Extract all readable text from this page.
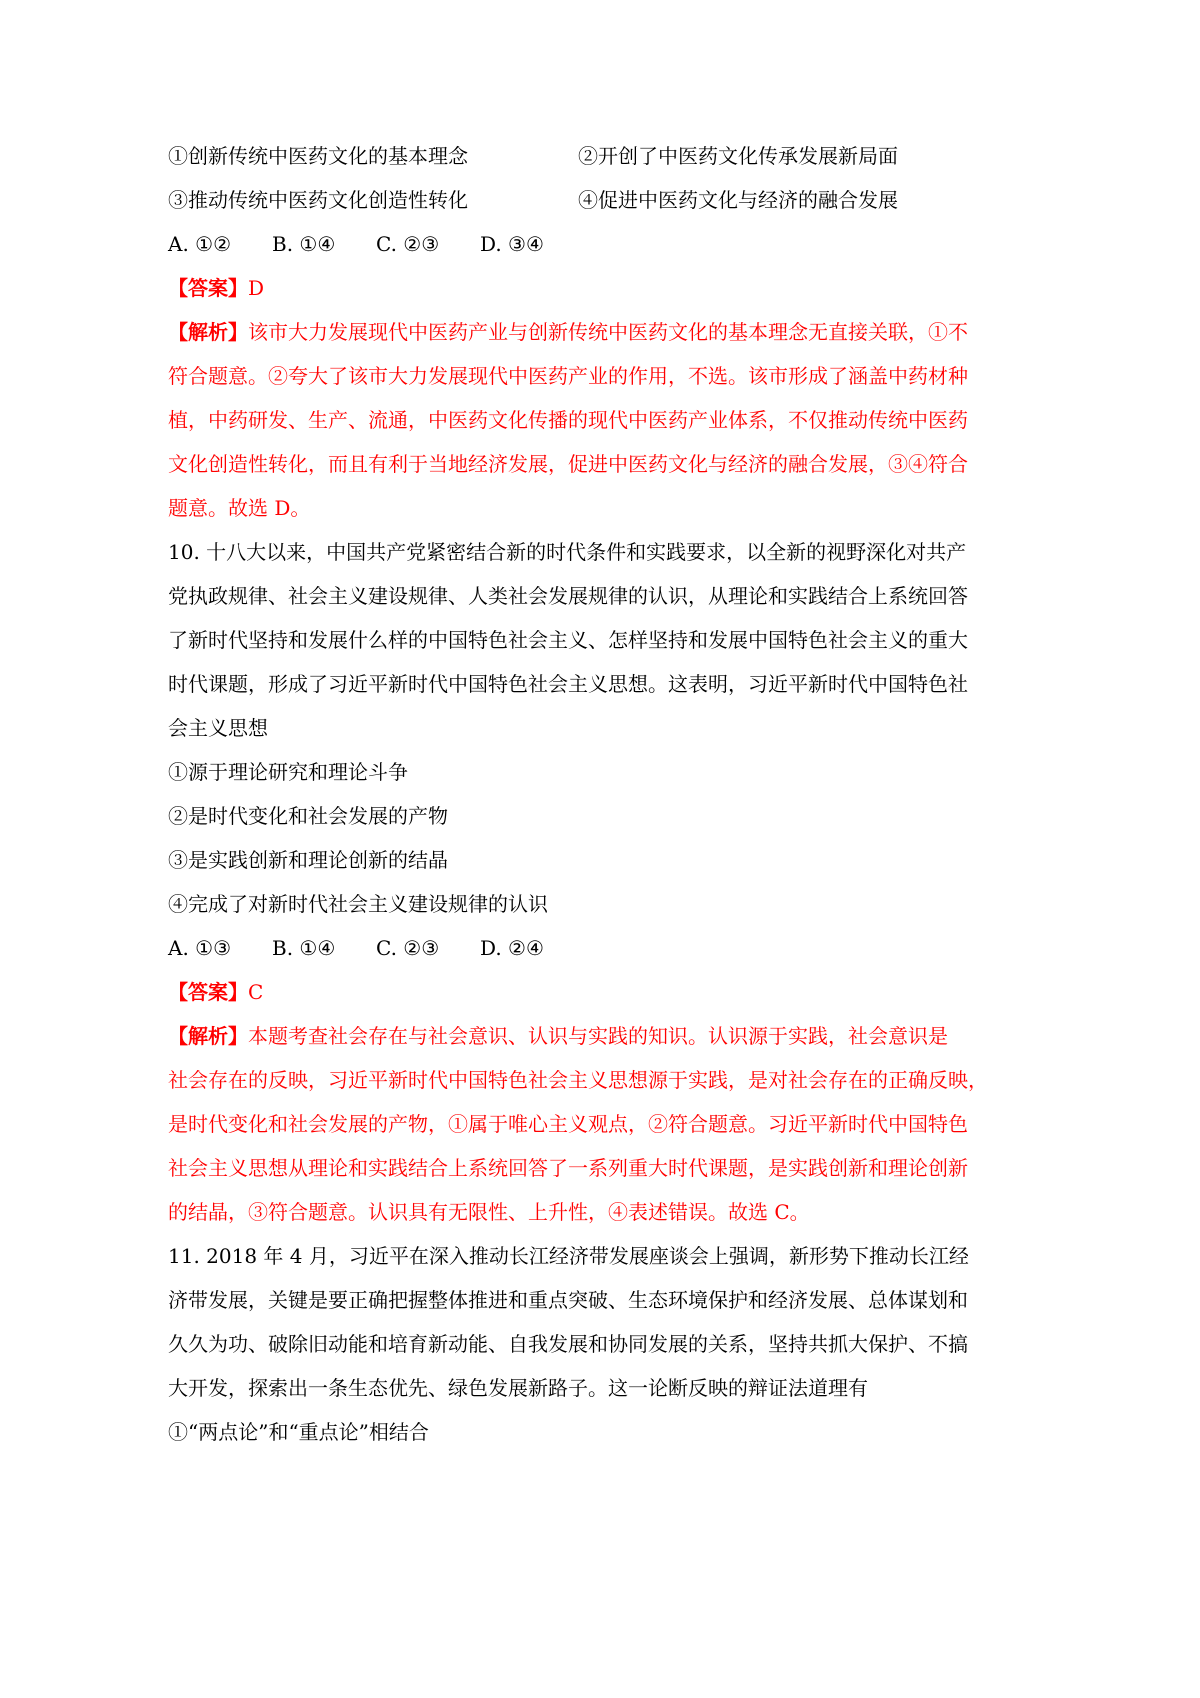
①创新传统中医药文化的基本理念	②开创了中医药文化传承发展新局面
③推动传统中医药文化创造性转化	④促进中医药文化与经济的融合发展
A. ①② B. ①④ C. ②③ D. ③④
【答案】D
【解析】该市大力发展现代中医药产业与创新传统中医药文化的基本理念无直接关联，①不
符合题意。②夸大了该市大力发展现代中医药产业的作用，不选。该市形成了涵盖中药材种
植，中药研发、生产、流通，中医药文化传播的现代中医药产业体系，不仅推动传统中医药
文化创造性转化，而且有利于当地经济发展，促进中医药文化与经济的融合发展，③④符合
题意。故选 D。
10. 十八大以来，中国共产党紧密结合新的时代条件和实践要求，以全新的视野深化对共产
党执政规律、社会主义建设规律、人类社会发展规律的认识，从理论和实践结合上系统回答
了新时代坚持和发展什么样的中国特色社会主义、怎样坚持和发展中国特色社会主义的重大
时代课题，形成了习近平新时代中国特色社会主义思想。这表明，习近平新时代中国特色社
会主义思想
①源于理论研究和理论斗争
②是时代变化和社会发展的产物
③是实践创新和理论创新的结晶
④完成了对新时代社会主义建设规律的认识
A. ①③ B. ①④ C. ②③ D. ②④
【答案】C
【解析】本题考查社会存在与社会意识、认识与实践的知识。认识源于实践，社会意识是
社会存在的反映，习近平新时代中国特色社会主义思想源于实践，是对社会存在的正确反映，
是时代变化和社会发展的产物，①属于唯心主义观点，②符合题意。习近平新时代中国特色
社会主义思想从理论和实践结合上系统回答了一系列重大时代课题，是实践创新和理论创新
的结晶，③符合题意。认识具有无限性、上升性，④表述错误。故选 C。
11. 2018 年 4 月，习近平在深入推动长江经济带发展座谈会上强调，新形势下推动长江经
济带发展，关键是要正确把握整体推进和重点突破、生态环境保护和经济发展、总体谋划和
久久为功、破除旧动能和培育新动能、自我发展和协同发展的关系，坚持共抓大保护、不搞
大开发，探索出一条生态优先、绿色发展新路子。这一论断反映的辩证法道理有
①“两点论”和“重点论”相结合
